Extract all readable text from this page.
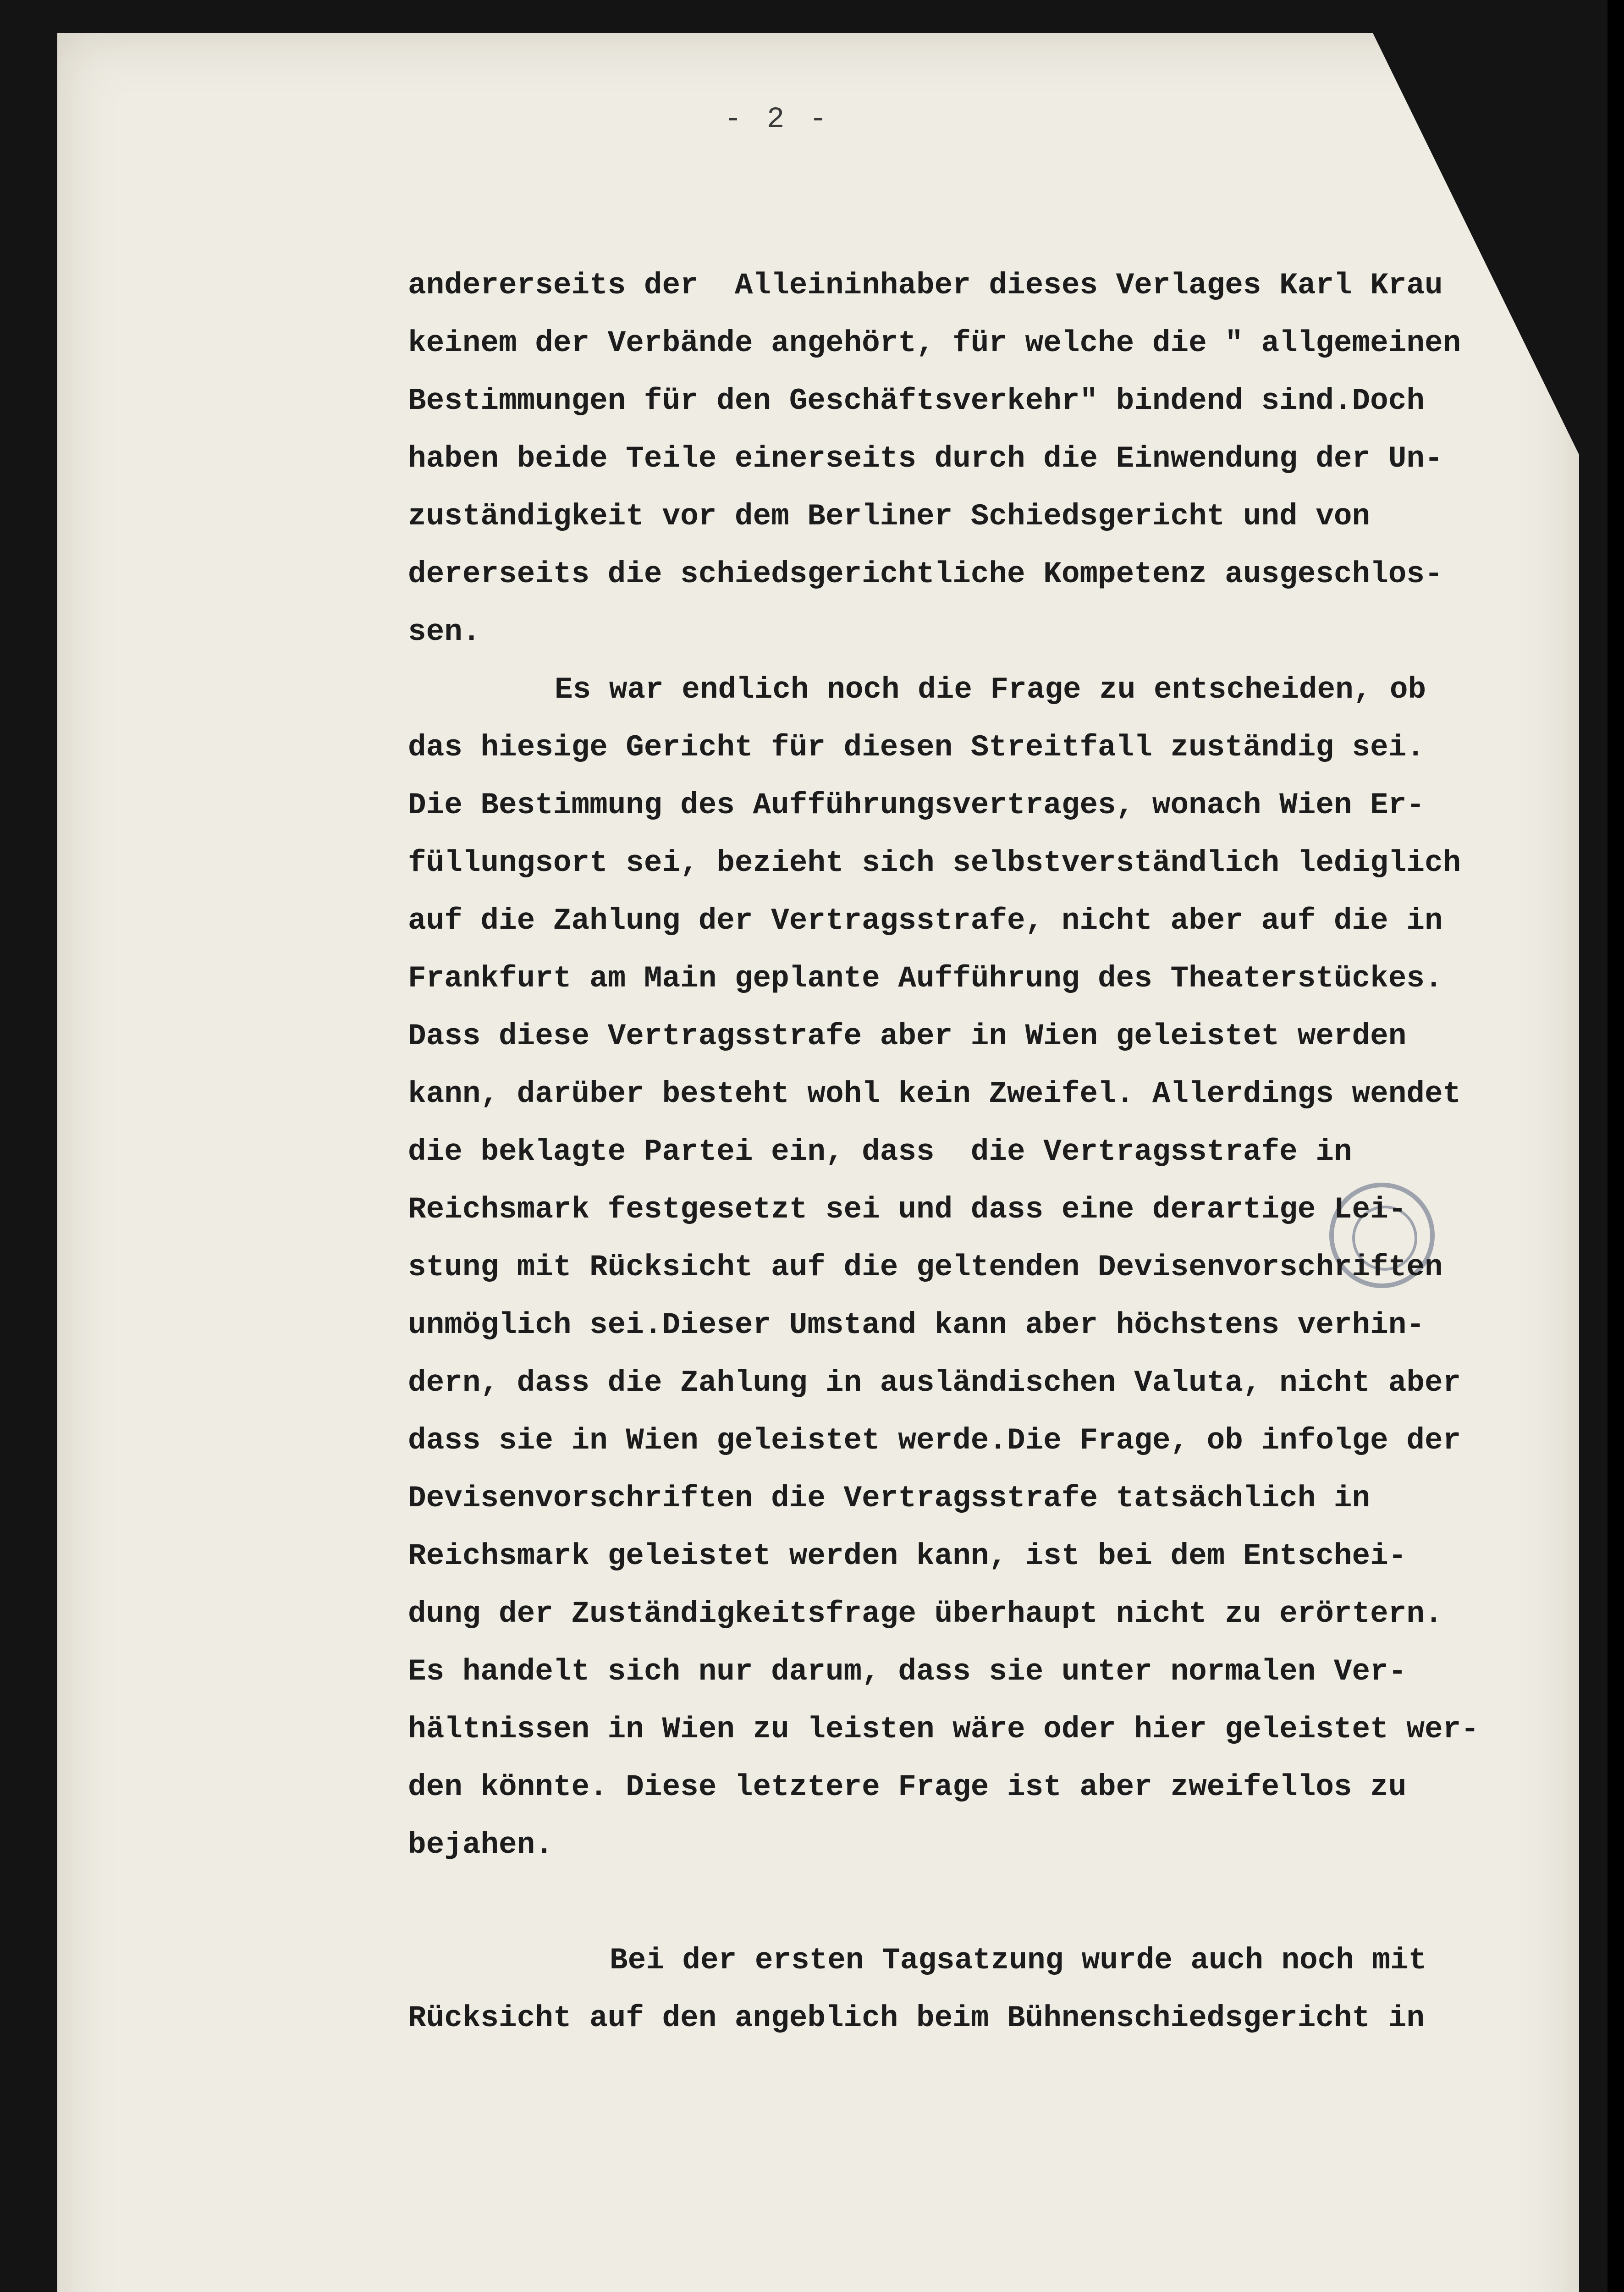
- 2 -
andererseits der  Alleininhaber dieses Verlages Karl Krau
keinem der Verbände angehört, für welche die " allgemeinen
Bestimmungen für den Geschäftsverkehr" bindend sind.Doch
haben beide Teile einerseits durch die Einwendung der Un-
zuständigkeit vor dem Berliner Schiedsgericht und von
dererseits die schiedsgerichtliche Kompetenz ausgeschlos-
sen.
Es war endlich noch die Frage zu entscheiden, ob
das hiesige Gericht für diesen Streitfall zuständig sei.
Die Bestimmung des Aufführungsvertrages, wonach Wien Er-
füllungsort sei, bezieht sich selbstverständlich lediglich
auf die Zahlung der Vertragsstrafe, nicht aber auf die in
Frankfurt am Main geplante Aufführung des Theaterstückes.
Dass diese Vertragsstrafe aber in Wien geleistet werden
kann, darüber besteht wohl kein Zweifel. Allerdings wendet
die beklagte Partei ein, dass  die Vertragsstrafe in
Reichsmark festgesetzt sei und dass eine derartige Lei-
stung mit Rücksicht auf die geltenden Devisenvorschriften
unmöglich sei.Dieser Umstand kann aber höchstens verhin-
dern, dass die Zahlung in ausländischen Valuta, nicht aber
dass sie in Wien geleistet werde.Die Frage, ob infolge der
Devisenvorschriften die Vertragsstrafe tatsächlich in
Reichsmark geleistet werden kann, ist bei dem Entschei-
dung der Zuständigkeitsfrage überhaupt nicht zu erörtern.
Es handelt sich nur darum, dass sie unter normalen Ver-
hältnissen in Wien zu leisten wäre oder hier geleistet wer-
den könnte. Diese letztere Frage ist aber zweifellos zu
bejahen.

Bei der ersten Tagsatzung wurde auch noch mit
Rücksicht auf den angeblich beim Bühnenschiedsgericht in
